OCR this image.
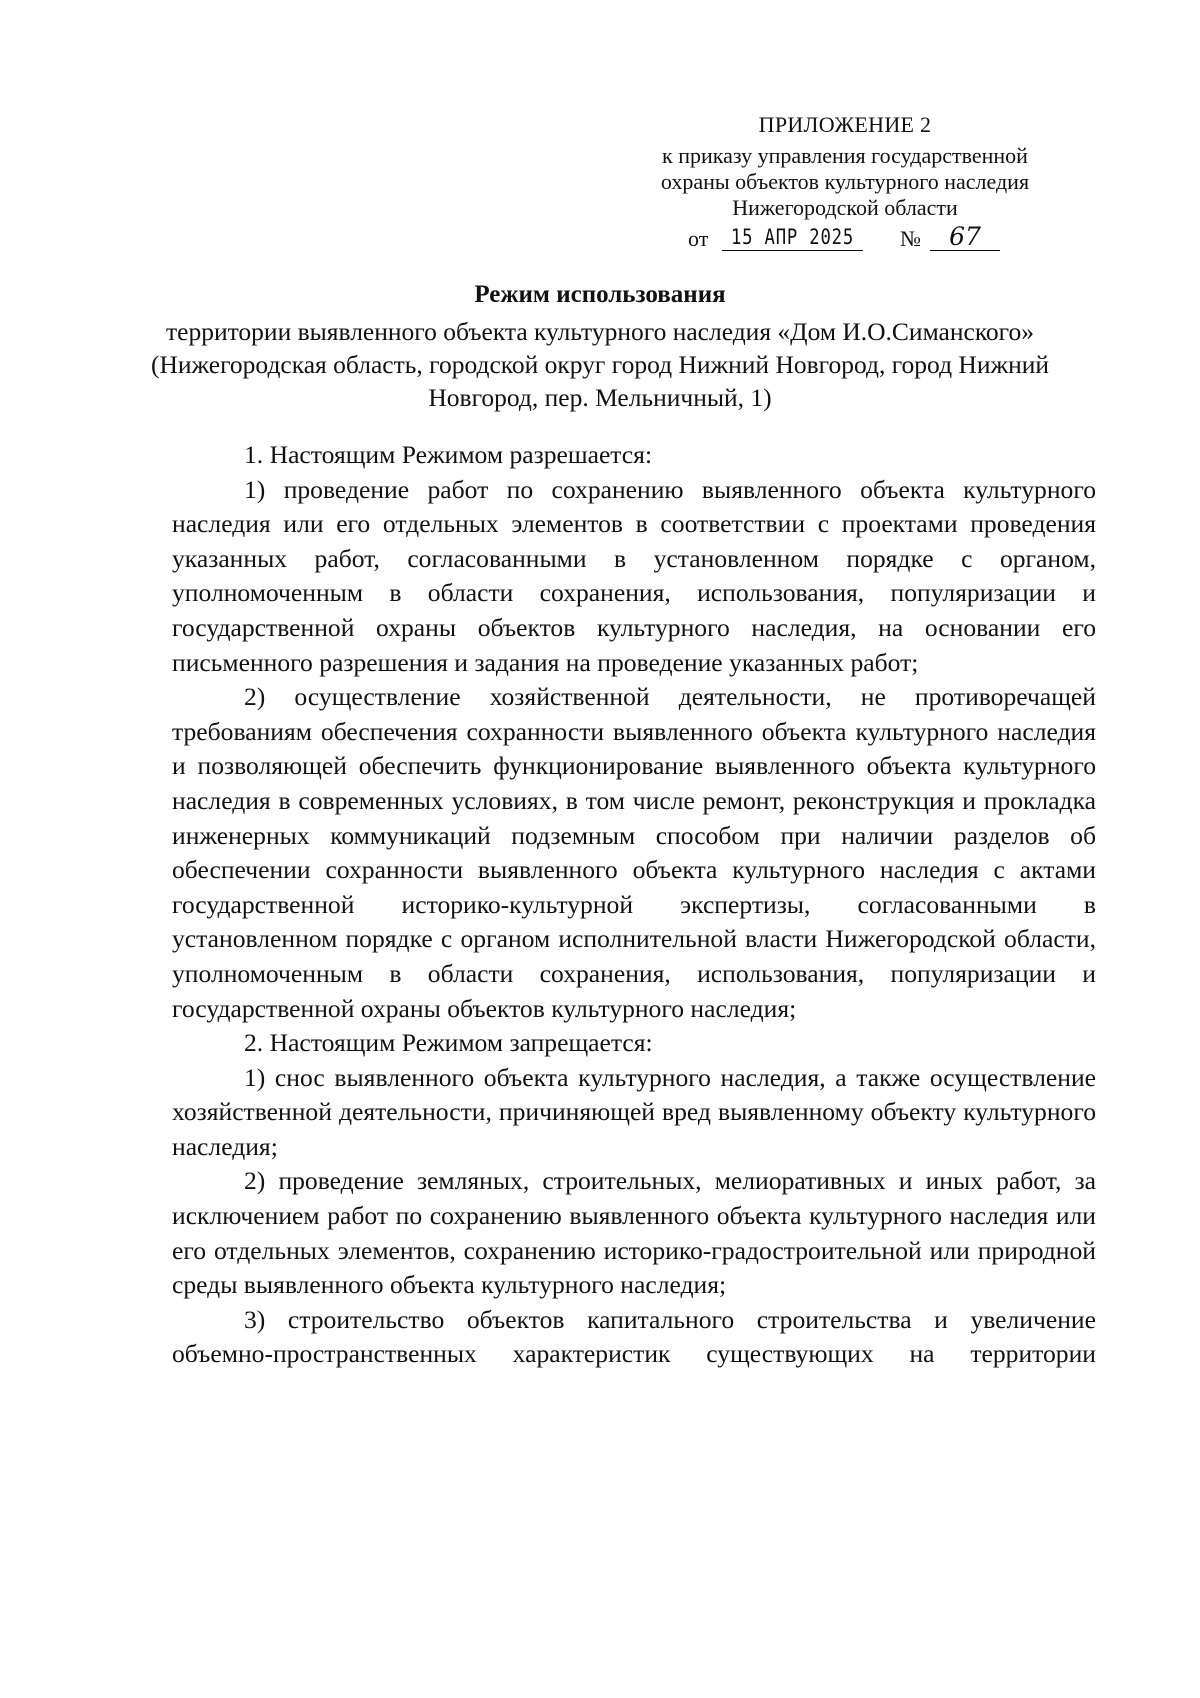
ПРИЛОЖЕНИЕ 2
к приказу управления государственной
охраны объектов культурного наследия
Нижегородской области
от	15 АПР 2025	№	67
Режим использования
территории выявленного объекта культурного наследия «Дом И.О.Симанского» (Нижегородская область, городской округ город Нижний Новгород, город Нижний Новгород, пер. Мельничный, 1)

1. Настоящим Режимом разрешается:

1) проведение работ по сохранению выявленного объекта культурного наследия или его отдельных элементов в соответствии с проектами проведения указанных работ, согласованными в установленном порядке с органом, уполномоченным в области сохранения, использования, популяризации и государственной охраны объектов культурного наследия, на основании его письменного разрешения и задания на проведение указанных работ;

2) осуществление хозяйственной деятельности, не противоречащей требованиям обеспечения сохранности выявленного объекта культурного наследия и позволяющей обеспечить функционирование выявленного объекта культурного наследия в современных условиях, в том числе ремонт, реконструкция и прокладка инженерных коммуникаций подземным способом при наличии разделов об обеспечении сохранности выявленного объекта культурного наследия с актами государственной историко-культурной экспертизы, согласованными в установленном порядке с органом исполнительной власти Нижегородской области, уполномоченным в области сохранения, использования, популяризации и государственной охраны объектов культурного наследия;

2. Настоящим Режимом запрещается:

1) снос выявленного объекта культурного наследия, а также осуществление хозяйственной деятельности, причиняющей вред выявленному объекту культурного наследия;

2) проведение земляных, строительных, мелиоративных и иных работ, за исключением работ по сохранению выявленного объекта культурного наследия или его отдельных элементов, сохранению историко-градостроительной или природной среды выявленного объекта культурного наследия;

3) строительство объектов капитального строительства и увеличение объемно-пространственных характеристик существующих на территории
